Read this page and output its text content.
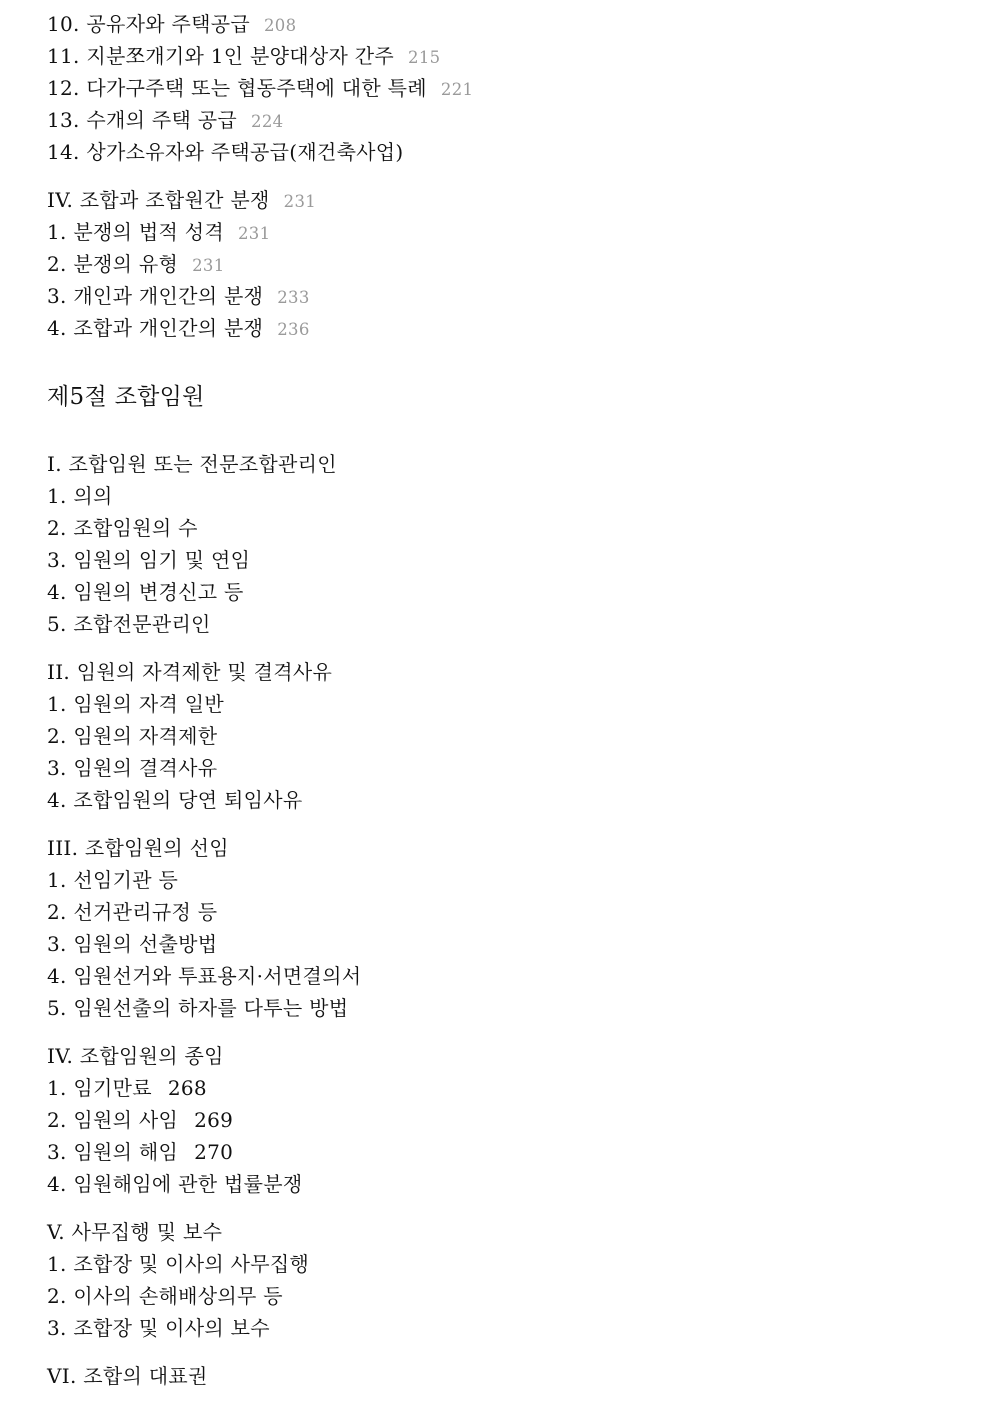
10. 공유자와 주택공급 208
11. 지분쪼개기와 1인 분양대상자 간주 215
12. 다가구주택 또는 협동주택에 대한 특례 221
13. 수개의 주택 공급 224
14. 상가소유자와 주택공급(재건축사업)
IV. 조합과 조합원간 분쟁 231
1. 분쟁의 법적 성격 231
2. 분쟁의 유형 231
3. 개인과 개인간의 분쟁 233
4. 조합과 개인간의 분쟁 236
제5절 조합임원
I. 조합임원 또는 전문조합관리인
1. 의의
2. 조합임원의 수
3. 임원의 임기 및 연임
4. 임원의 변경신고 등
5. 조합전문관리인
II. 임원의 자격제한 및 결격사유
1. 임원의 자격 일반
2. 임원의 자격제한
3. 임원의 결격사유
4. 조합임원의 당연 퇴임사유
III. 조합임원의 선임
1. 선임기관 등
2. 선거관리규정 등
3. 임원의 선출방법
4. 임원선거와 투표용지·서면결의서
5. 임원선출의 하자를 다투는 방법
IV. 조합임원의 종임
1. 임기만료 268
2. 임원의 사임 269
3. 임원의 해임 270
4. 임원해임에 관한 법률분쟁
V. 사무집행 및 보수
1. 조합장 및 이사의 사무집행
2. 이사의 손해배상의무 등
3. 조합장 및 이사의 보수
VI. 조합의 대표권
